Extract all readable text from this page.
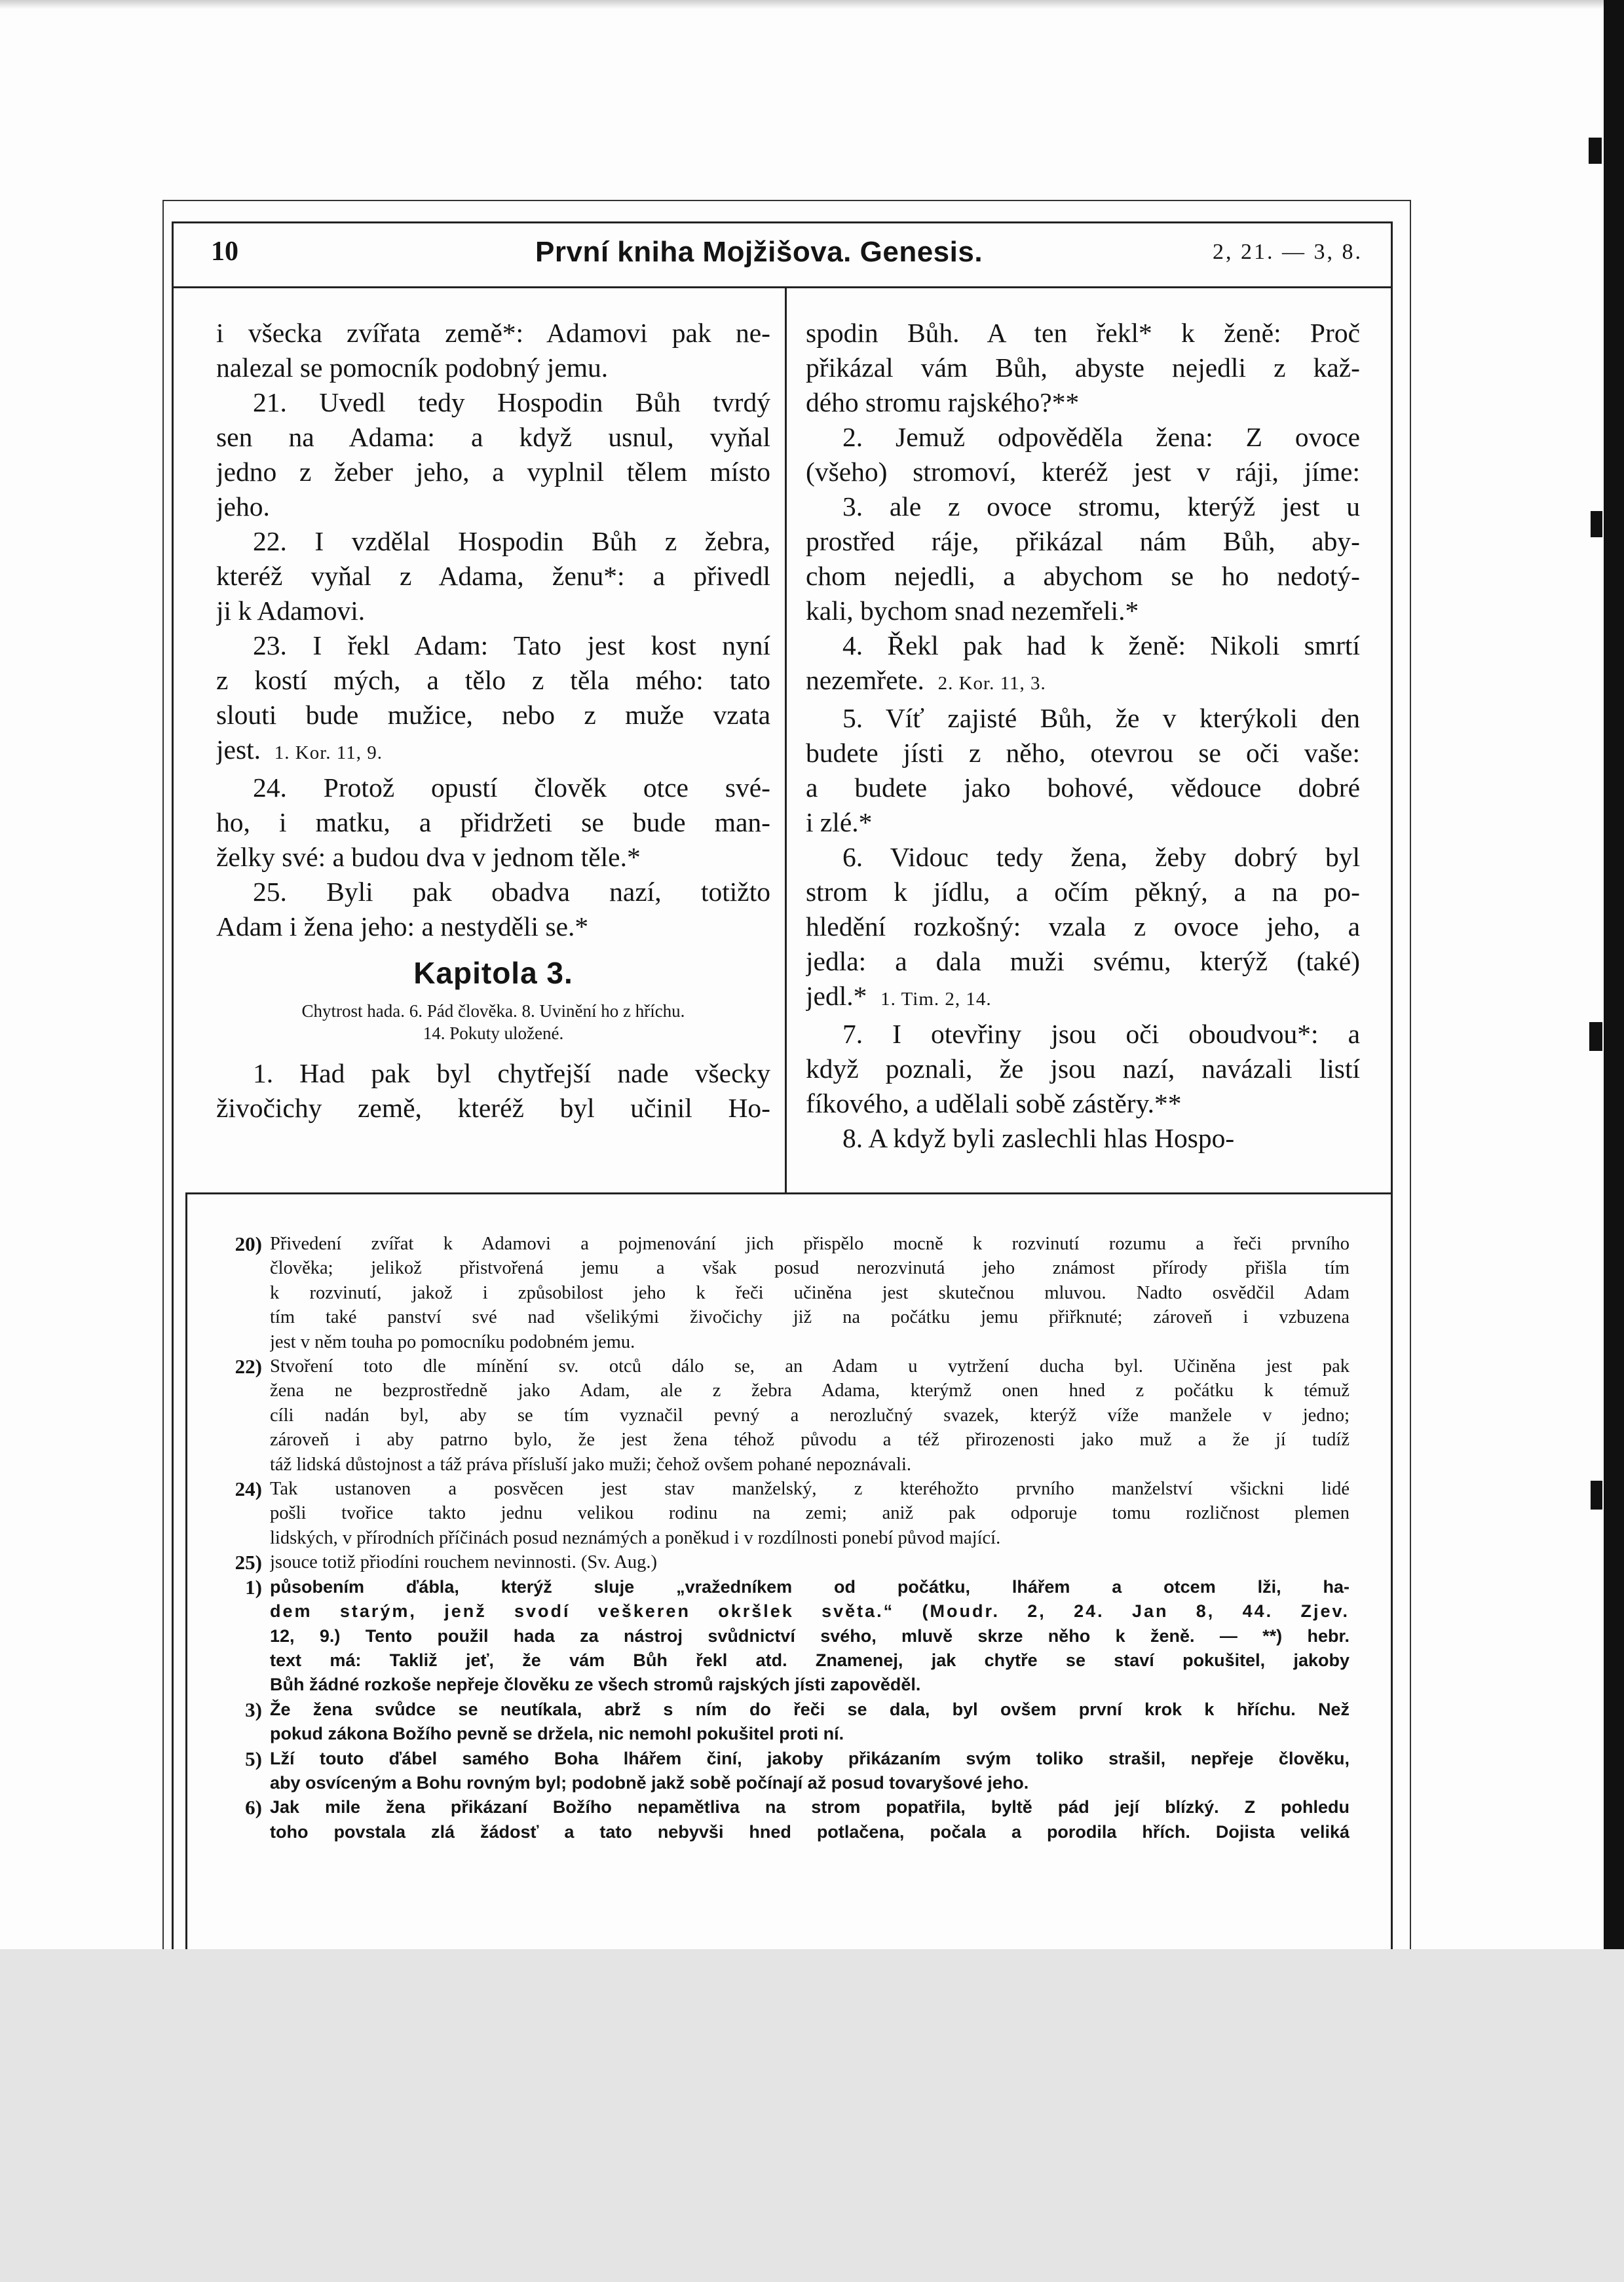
10	První kniha Mojžišova. Genesis.	2, 21. — 3, 8.

i všecka zvířata země*: Adamovi pak ne-

nalezal se pomocník podobný jemu.

21. Uvedl tedy Hospodin Bůh tvrdý

sen na Adama: a když usnul, vyňal

jedno z žeber jeho, a vyplnil tělem místo

jeho.

22. I vzdělal Hospodin Bůh z žebra,

kteréž vyňal z Adama, ženu*: a přivedl

ji k Adamovi.

23. I řekl Adam: Tato jest kost nyní

z kostí mých, a tělo z těla mého: tato

slouti bude mužice, nebo z muže vzata

jest. 1. Kor. 11, 9.

24. Protož opustí člověk otce své-

ho, i matku, a přidržeti se bude man-

želky své: a budou dva v jednom těle.*

25. Byli pak obadva nazí, totižto

Adam i žena jeho: a nestyděli se.*

Kapitola 3.

Chytrost hada. 6. Pád člověka. 8. Uvinění ho z hříchu.

14. Pokuty uložené.

1. Had pak byl chytřejší nade všecky

živočichy země, kteréž byl učinil Ho-

spodin Bůh. A ten řekl* k ženě: Proč

přikázal vám Bůh, abyste nejedli z kaž-

dého stromu rajského?**

2. Jemuž odpověděla žena: Z ovoce

(všeho) stromoví, kteréž jest v ráji, jíme:

3. ale z ovoce stromu, kterýž jest u

prostřed ráje, přikázal nám Bůh, aby-

chom nejedli, a abychom se ho nedotý-

kali, bychom snad nezemřeli.*

4. Řekl pak had k ženě: Nikoli smrtí

nezemřete. 2. Kor. 11, 3.

5. Víť zajisté Bůh, že v kterýkoli den

budete jísti z něho, otevrou se oči vaše:

a budete jako bohové, vědouce dobré

i zlé.*

6. Vidouc tedy žena, žeby dobrý byl

strom k jídlu, a očím pěkný, a na po-

hledění rozkošný: vzala z ovoce jeho, a

jedla: a dala muži svému, kterýž (také)

jedl.* 1. Tim. 2, 14.

7. I otevřiny jsou oči oboudvou*: a

když poznali, že jsou nazí, navázali listí

fíkového, a udělali sobě zástěry.**

8. A když byli zaslechli hlas Hospo-

20) Přivedení zvířat k Adamovi a pojmenování jich přispělo mocně k rozvinutí rozumu a řeči prvního
člověka; jelikož přistvořená jemu a však posud nerozvinutá jeho známost přírody přišla tím
k rozvinutí, jakož i způsobilost jeho k řeči učiněna jest skutečnou mluvou. Nadto osvědčil Adam
tím také panství své nad všelikými živočichy již na počátku jemu přiřknuté; zároveň i vzbuzena
jest v něm touha po pomocníku podobném jemu.
22) Stvoření toto dle mínění sv. otců dálo se, an Adam u vytržení ducha byl. Učiněna jest pak
žena ne bezprostředně jako Adam, ale z žebra Adama, kterýmž onen hned z počátku k témuž
cíli nadán byl, aby se tím vyznačil pevný a nerozlučný svazek, kterýž víže manžele v jedno;
zároveň i aby patrno bylo, že jest žena téhož původu a též přirozenosti jako muž a že jí tudíž
táž lidská důstojnost a táž práva přísluší jako muži; čehož ovšem pohané nepoznávali.
24) Tak ustanoven a posvěcen jest stav manželský, z kteréhožto prvního manželství všickni lidé
pošli tvořice takto jednu velikou rodinu na zemi; aniž pak odporuje tomu rozličnost plemen
lidských, v přírodních příčinách posud neznámých a poněkud i v rozdílnosti ponebí původ mající.
25) jsouce totiž přiodíni rouchem nevinnosti. (Sv. Aug.)
1) působením ďábla, kterýž sluje „vražedníkem od počátku, lhářem a otcem lži, ha-
dem starým, jenž svodí veškeren okršlek světa.“ (Moudr. 2, 24. Jan 8, 44. Zjev.
12, 9.) Tento použil hada za nástroj svůdnictví svého, mluvě skrze něho k ženě. — **) hebr.
text má: Takliž jeť, že vám Bůh řekl atd. Znamenej, jak chytře se staví pokušitel, jakoby
Bůh žádné rozkoše nepřeje člověku ze všech stromů rajských jísti zapověděl.
3) Že žena svůdce se neutíkala, abrž s ním do řeči se dala, byl ovšem první krok k hříchu. Než
pokud zákona Božího pevně se držela, nic nemohl pokušitel proti ní.
5) Lží touto ďábel samého Boha lhářem činí, jakoby přikázaním svým toliko strašil, nepřeje člověku,
aby osvíceným a Bohu rovným byl; podobně jakž sobě počínají až posud tovaryšové jeho.
6) Jak mile žena přikázaní Božího nepamětliva na strom popatřila, byltě pád její blízký. Z pohledu
toho povstala zlá žádosť a tato nebyvši hned potlačena, počala a porodila hřích. Dojista veliká
